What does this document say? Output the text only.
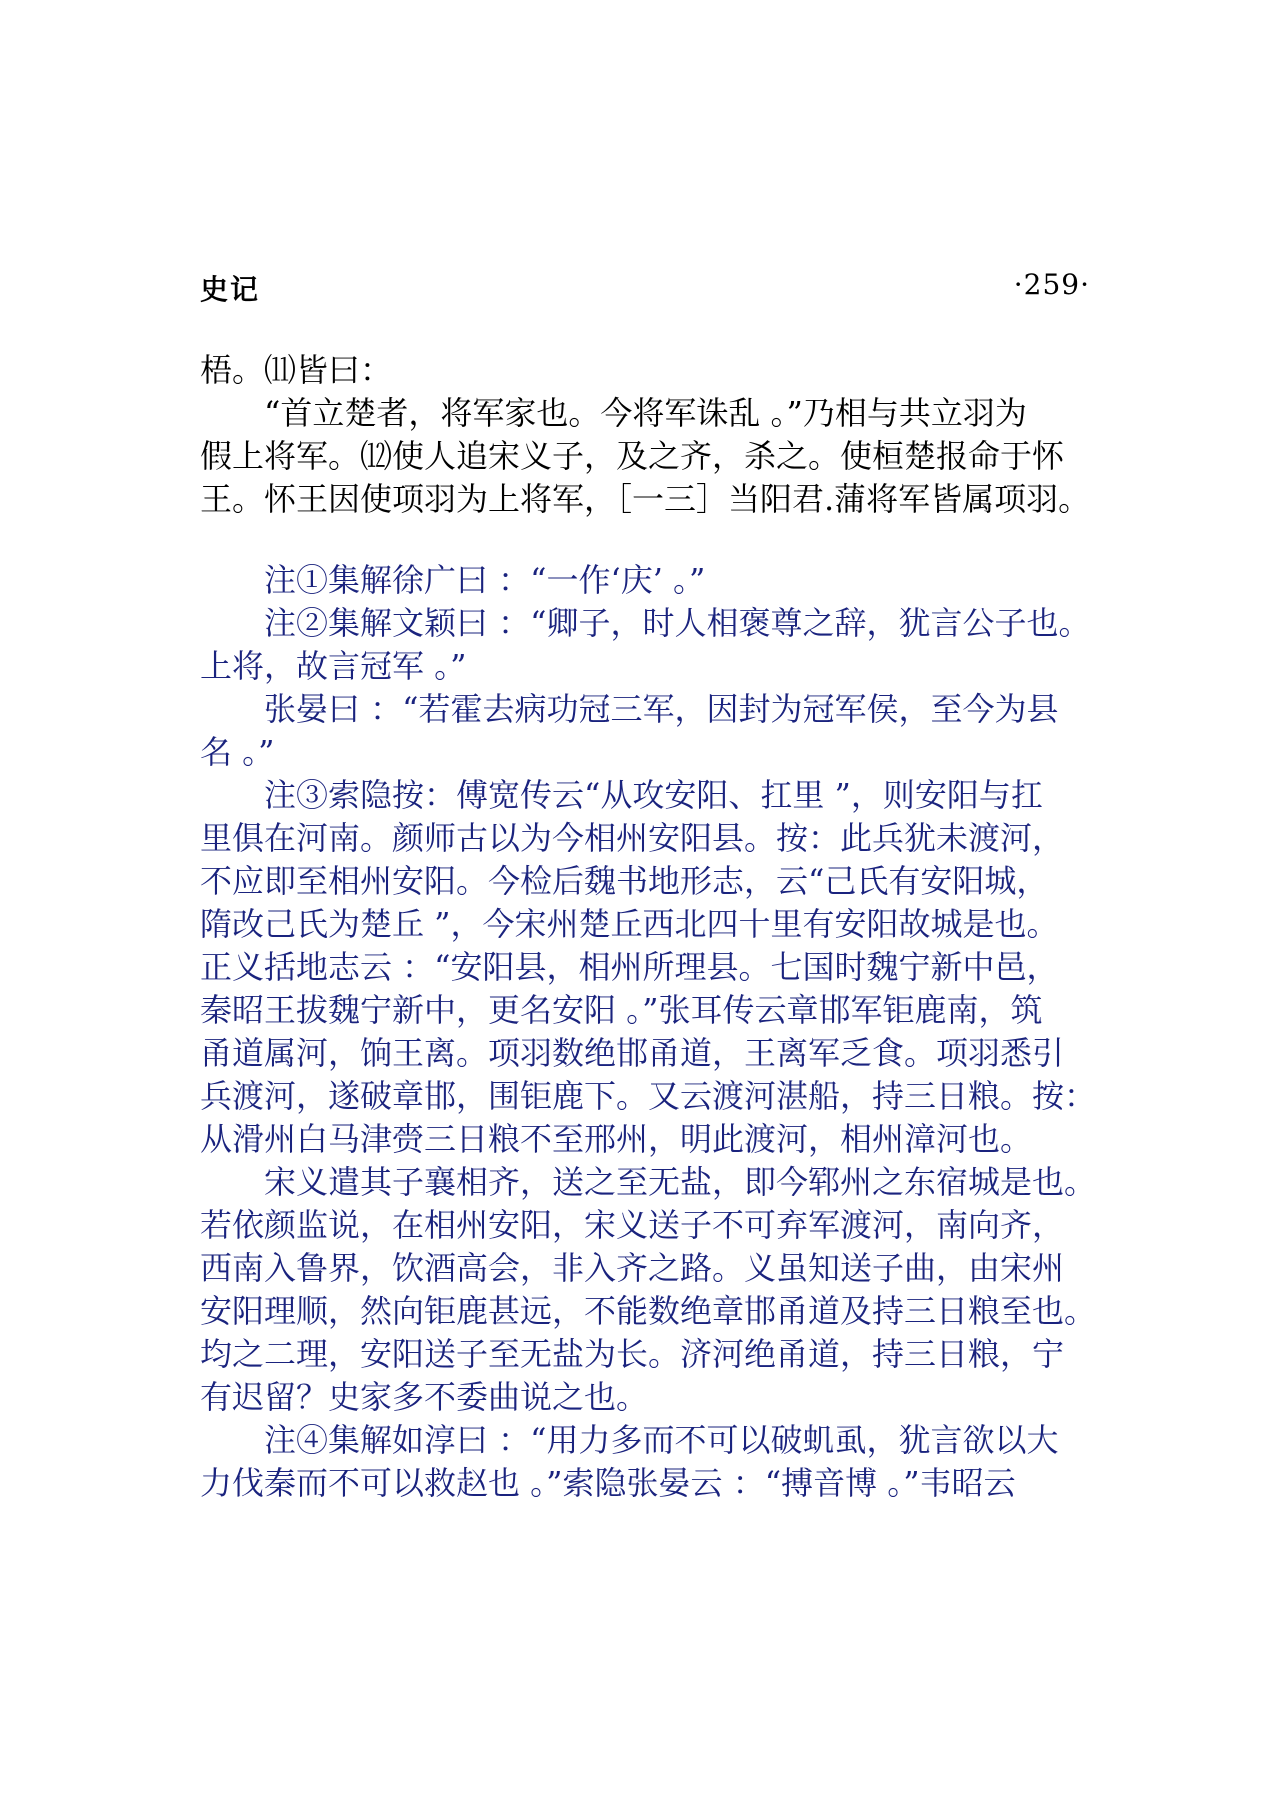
史记	·259·

梧。⑾皆曰：

“首立楚者，将军家也。今将军诛乱 。”乃相与共立羽为

假上将军。⑿使人追宋义子，及之齐，杀之。使桓楚报命于怀

王。怀王因使项羽为上将军，［一三］当阳君.蒲将军皆属项羽。

注①集解徐广曰 ：“一作‘庆’ 。”

注②集解文颖曰 ：“卿子，时人相褒尊之辞，犹言公子也。

上将，故言冠军 。”

张晏曰 ：“若霍去病功冠三军，因封为冠军侯，至今为县

名 。”

注③索隐按：傅宽传云“从攻安阳、扛里 ”，则安阳与扛

里俱在河南。颜师古以为今相州安阳县。按：此兵犹未渡河，

不应即至相州安阳。今检后魏书地形志，云“己氏有安阳城，

隋改己氏为楚丘 ”，今宋州楚丘西北四十里有安阳故城是也。

正义括地志云 ：“安阳县，相州所理县。七国时魏宁新中邑，

秦昭王拔魏宁新中，更名安阳 。”张耳传云章邯军钜鹿南，筑

甬道属河，饷王离。项羽数绝邯甬道，王离军乏食。项羽悉引

兵渡河，遂破章邯，围钜鹿下。又云渡河湛船，持三日粮。按：

从滑州白马津赍三日粮不至邢州，明此渡河，相州漳河也。

宋义遣其子襄相齐，送之至无盐，即今郓州之东宿城是也。

若依颜监说，在相州安阳，宋义送子不可弃军渡河，南向齐，

西南入鲁界，饮酒高会，非入齐之路。义虽知送子曲，由宋州

安阳理顺，然向钜鹿甚远，不能数绝章邯甬道及持三日粮至也。

均之二理，安阳送子至无盐为长。济河绝甬道，持三日粮，宁

有迟留？史家多不委曲说之也。

注④集解如淳曰 ：“用力多而不可以破虮虱，犹言欲以大

力伐秦而不可以救赵也 。”索隐张晏云 ：“搏音博 。”韦昭云
